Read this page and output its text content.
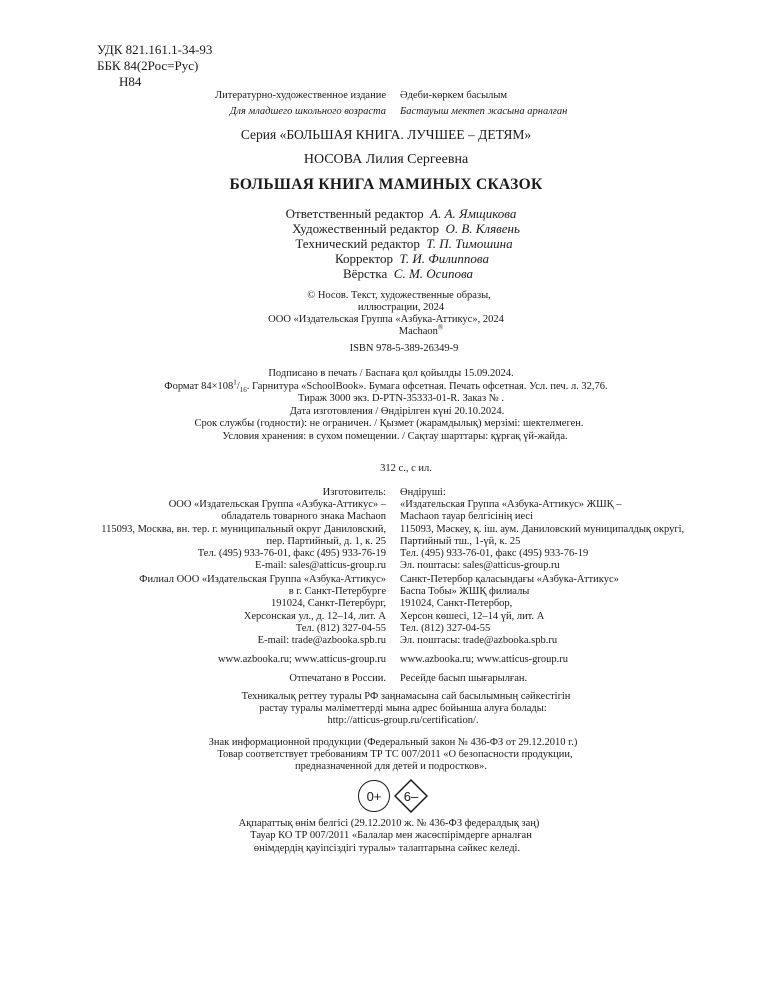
УДК 821.161.1-34-93
ББК 84(2Рос=Рус)
Н84
Литературно-художественное издание Әдеби-көркем басылым
Для младшего школьного возраста Бастауыш мектеп жасына арналған
Серия «БОЛЬШАЯ КНИГА. ЛУЧШЕЕ – ДЕТЯМ»
НОСОВА Лилия Сергеевна
БОЛЬШАЯ КНИГА МАМИНЫХ СКАЗОК
Ответственный редактор А. А. Ямщикова
Художественный редактор О. В. Клявень
Технический редактор Т. П. Тимошина
Корректор Т. И. Филиппова
Вёрстка С. М. Осипова
© Носов. Текст, художественные образы,
иллюстрации, 2024
ООО «Издательская Группа «Азбука-Аттикус», 2024
Machaon®
ISBN 978-5-389-26349-9
Подписано в печать / Баспаға қол қойылды 15.09.2024.
Формат $84\times 108^1/_{16}$. Гарнитура «SchoolBook». Бумага офсетная. Печать офсетная. Усл. печ. л. 32,76.
Тираж 3000 экз. D-PTN-35333-01-R. Заказ № .
Дата изготовления / Өндірілген күні 20.10.2024.
Срок службы (годности): не ограничен. / Қызмет (жарамдылық) мерзімі: шектелмеген.
Условия хранения: в сухом помещении. / Сақтау шарттары: құрғақ үй-жайда.
312 с., с ил.
Изготовитель:
ООО «Издательская Группа «Азбука-Аттикус» –
обладатель товарного знака Machaon
115093, Москва, вн. тер. г. муниципальный округ Даниловский,
пер. Партийный, д. 1, к. 25
Тел. (495) 933-76-01, факс (495) 933-76-19
E-mail: sales@atticus-group.ru
Өндіруші:
«Издательская Группа «Азбука-Аттикус» ЖШҚ –
Machaon тауар белгісінің иесі
115093, Мәскеу, қ. іш. аум. Даниловский муниципалдық округі,
Партийный тш., 1-үй, к. 25
Тел. (495) 933-76-01, факс (495) 933-76-19
Эл. поштасы: sales@atticus-group.ru
Филиал ООО «Издательская Группа «Азбука-Аттикус»
в г. Санкт-Петербурге
191024, Санкт-Петербург,
Херсонская ул., д. 12–14, лит. А
Тел. (812) 327-04-55
E-mail: trade@azbooka.spb.ru
Санкт-Петербор қаласындағы «Азбука-Аттикус»
Баспа Тобы» ЖШҚ филиалы
191024, Санкт-Петербор,
Херсон көшесі, 12–14 үй, лит. А
Тел. (812) 327-04-55
Эл. поштасы: trade@azbooka.spb.ru
www.azbooka.ru; www.atticus-group.ru www.azbooka.ru; www.atticus-group.ru
Отпечатано в России. Ресейде басып шығарылған.
Техникалық реттеу туралы РФ заңнамасына сай басылымның сәйкестігін
растау туралы мәліметтерді мына адрес бойынша алуға болады:
http://atticus-group.ru/certification/.
Знак информационной продукции (Федеральный закон № 436-ФЗ от 29.12.2010 г.)
Товар соответствует требованиям ТР ТС 007/2011 «О безопасности продукции,
предназначенной для детей и подростков».
0+	6–
Ақпараттық өнім белгісі (29.12.2010 ж. № 436-ФЗ федералдық заң)
Тауар КО ТР 007/2011 «Балалар мен жасөспірімдерге арналған
өнімдердің қауіпсіздігі туралы» талаптарына сәйкес келеді.
